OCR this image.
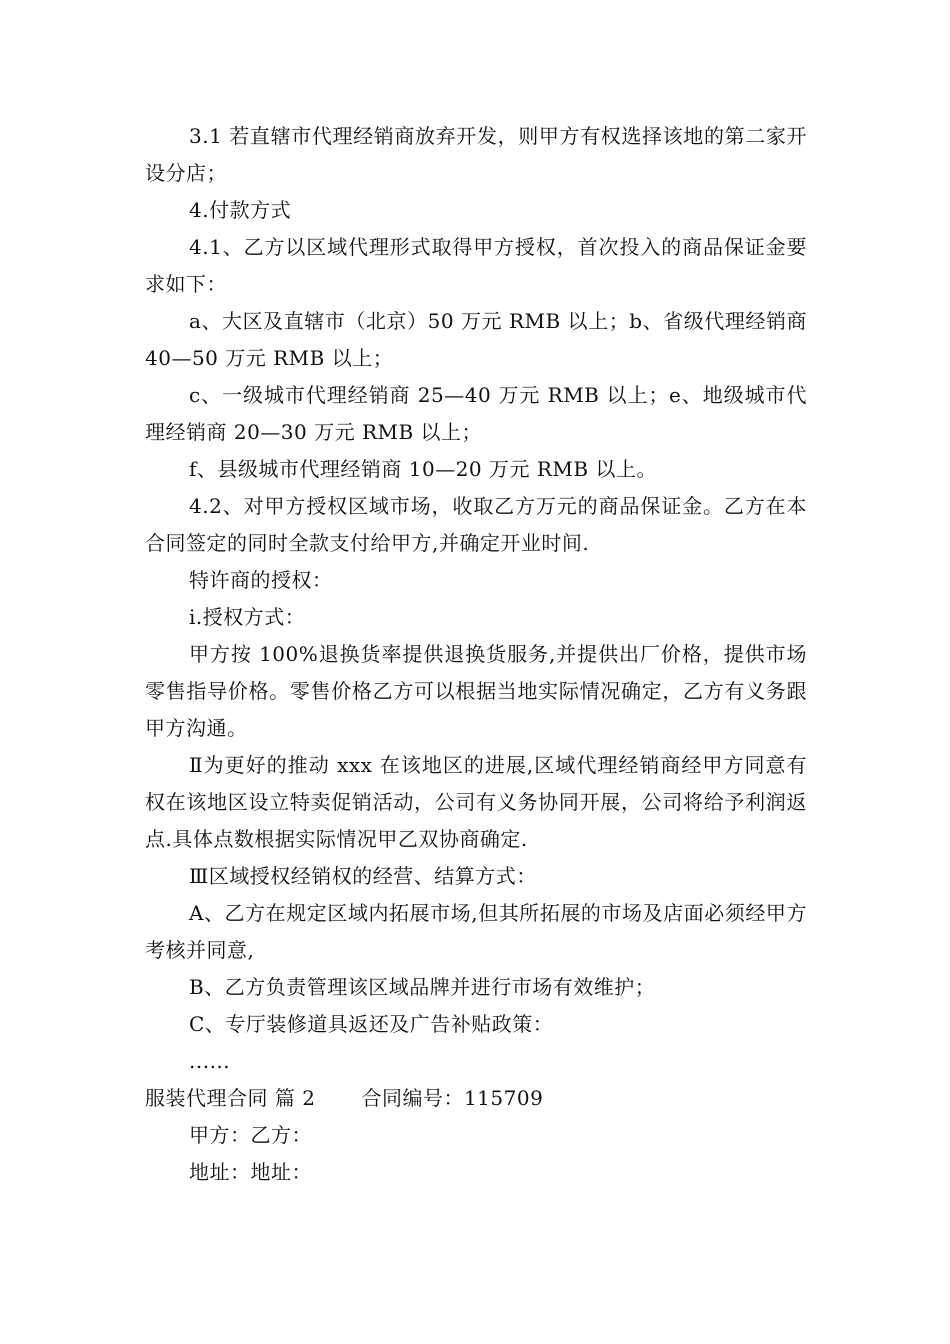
3.1 若直辖市代理经销商放弃开发，则甲方有权选择该地的第二家开设分店；

4.付款方式

4.1、乙方以区域代理形式取得甲方授权，首次投入的商品保证金要求如下：

a、大区及直辖市（北京）50 万元 RMB 以上；b、省级代理经销商 40—50 万元 RMB 以上；

c、一级城市代理经销商 25—40 万元 RMB 以上；e、地级城市代理经销商 20—30 万元 RMB 以上；

f、县级城市代理经销商 10—20 万元 RMB 以上。

4.2、对甲方授权区域市场，收取乙方万元的商品保证金。乙方在本合同签定的同时全款支付给甲方,并确定开业时间.

特许商的授权：

i.授权方式：

甲方按 100%退换货率提供退换货服务,并提供出厂价格，提供市场零售指导价格。零售价格乙方可以根据当地实际情况确定，乙方有义务跟甲方沟通。

Ⅱ为更好的推动 xxx 在该地区的进展,区域代理经销商经甲方同意有权在该地区设立特卖促销活动，公司有义务协同开展，公司将给予利润返点.具体点数根据实际情况甲乙双协商确定.

Ⅲ区域授权经销权的经营、结算方式：

A、乙方在规定区域内拓展市场,但其所拓展的市场及店面必须经甲方考核并同意,

B、乙方负责管理该区域品牌并进行市场有效维护；

C、专厅装修道具返还及广告补贴政策：

......

服装代理合同 篇 2 合同编号：115709

甲方：乙方：

地址：地址：
